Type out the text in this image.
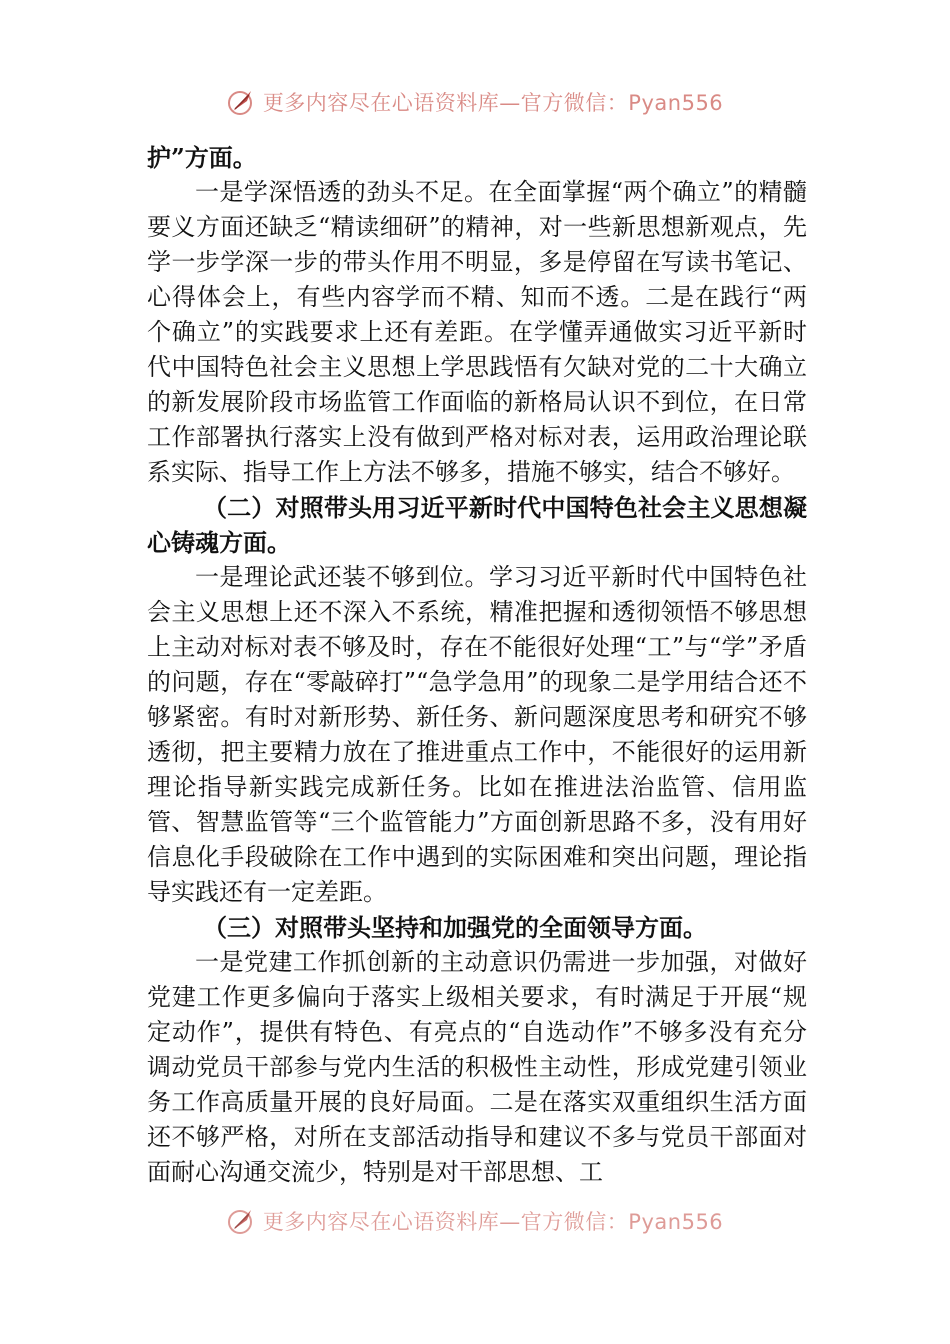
更多内容尽在心语资料库—官方微信：Pyan556

护”方面。

一是学深悟透的劲头不足。在全面掌握“两个确立”的精髓要义方面还缺乏“精读细研”的精神，对一些新思想新观点，先学一步学深一步的带头作用不明显，多是停留在写读书笔记、心得体会上，有些内容学而不精、知而不透。二是在践行“两个确立”的实践要求上还有差距。在学懂弄通做实习近平新时代中国特色社会主义思想上学思践悟有欠缺对党的二十大确立的新发展阶段市场监管工作面临的新格局认识不到位，在日常工作部署执行落实上没有做到严格对标对表，运用政治理论联系实际、指导工作上方法不够多，措施不够实，结合不够好。

（二）对照带头用习近平新时代中国特色社会主义思想凝心铸魂方面。

一是理论武还装不够到位。学习习近平新时代中国特色社会主义思想上还不深入不系统，精准把握和透彻领悟不够思想上主动对标对表不够及时，存在不能很好处理“工”与“学”矛盾的问题，存在“零敲碎打”“急学急用”的现象二是学用结合还不够紧密。有时对新形势、新任务、新问题深度思考和研究不够透彻，把主要精力放在了推进重点工作中，不能很好的运用新理论指导新实践完成新任务。比如在推进法治监管、信用监管、智慧监管等“三个监管能力”方面创新思路不多，没有用好信息化手段破除在工作中遇到的实际困难和突出问题，理论指导实践还有一定差距。

（三）对照带头坚持和加强党的全面领导方面。

一是党建工作抓创新的主动意识仍需进一步加强，对做好党建工作更多偏向于落实上级相关要求，有时满足于开展“规定动作”，提供有特色、有亮点的“自选动作”不够多没有充分调动党员干部参与党内生活的积极性主动性，形成党建引领业务工作高质量开展的良好局面。二是在落实双重组织生活方面还不够严格，对所在支部活动指导和建议不多与党员干部面对面耐心沟通交流少，特别是对干部思想、工

更多内容尽在心语资料库—官方微信：Pyan556
